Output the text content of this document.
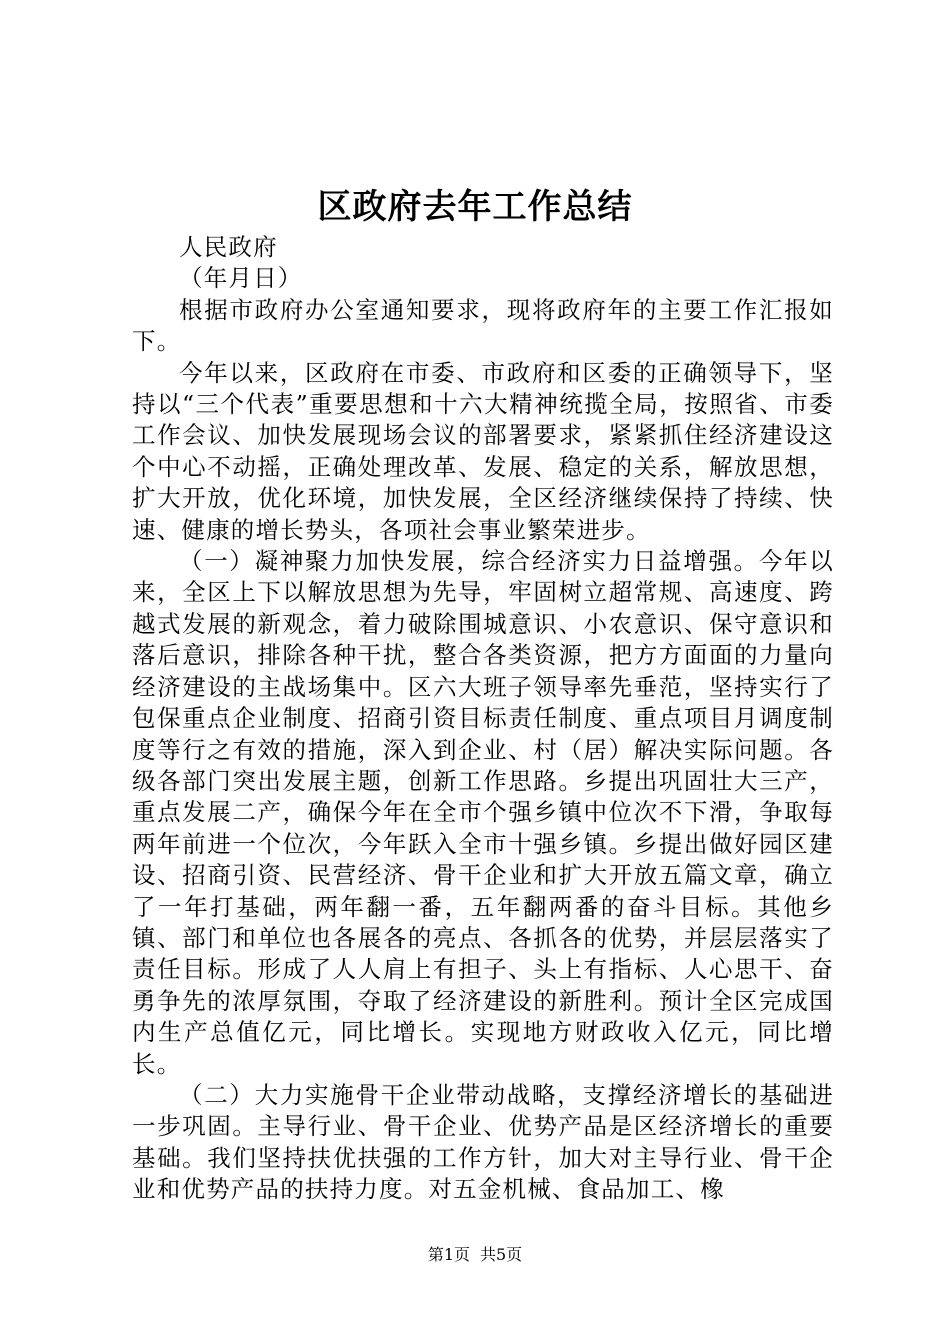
区政府去年工作总结

人民政府

（年月日）

根据市政府办公室通知要求，现将政府年的主要工作汇报如下。

今年以来，区政府在市委、市政府和区委的正确领导下，坚持以“三个代表”重要思想和十六大精神统揽全局，按照省、市委工作会议、加快发展现场会议的部署要求，紧紧抓住经济建设这个中心不动摇，正确处理改革、发展、稳定的关系，解放思想，扩大开放，优化环境，加快发展，全区经济继续保持了持续、快速、健康的增长势头，各项社会事业繁荣进步。

（一）凝神聚力加快发展，综合经济实力日益增强。今年以来，全区上下以解放思想为先导，牢固树立超常规、高速度、跨越式发展的新观念，着力破除围城意识、小农意识、保守意识和落后意识，排除各种干扰，整合各类资源，把方方面面的力量向经济建设的主战场集中。区六大班子领导率先垂范，坚持实行了包保重点企业制度、招商引资目标责任制度、重点项目月调度制度等行之有效的措施，深入到企业、村（居）解决实际问题。各级各部门突出发展主题，创新工作思路。乡提出巩固壮大三产，重点发展二产，确保今年在全市个强乡镇中位次不下滑，争取每两年前进一个位次，今年跃入全市十强乡镇。乡提出做好园区建设、招商引资、民营经济、骨干企业和扩大开放五篇文章，确立了一年打基础，两年翻一番，五年翻两番的奋斗目标。其他乡镇、部门和单位也各展各的亮点、各抓各的优势，并层层落实了责任目标。形成了人人肩上有担子、头上有指标、人心思干、奋勇争先的浓厚氛围，夺取了经济建设的新胜利。预计全区完成国内生产总值亿元，同比增长。实现地方财政收入亿元，同比增长。

（二）大力实施骨干企业带动战略，支撑经济增长的基础进一步巩固。主导行业、骨干企业、优势产品是区经济增长的重要基础。我们坚持扶优扶强的工作方针，加大对主导行业、骨干企业和优势产品的扶持力度。对五金机械、食品加工、橡

第1页 共5页
